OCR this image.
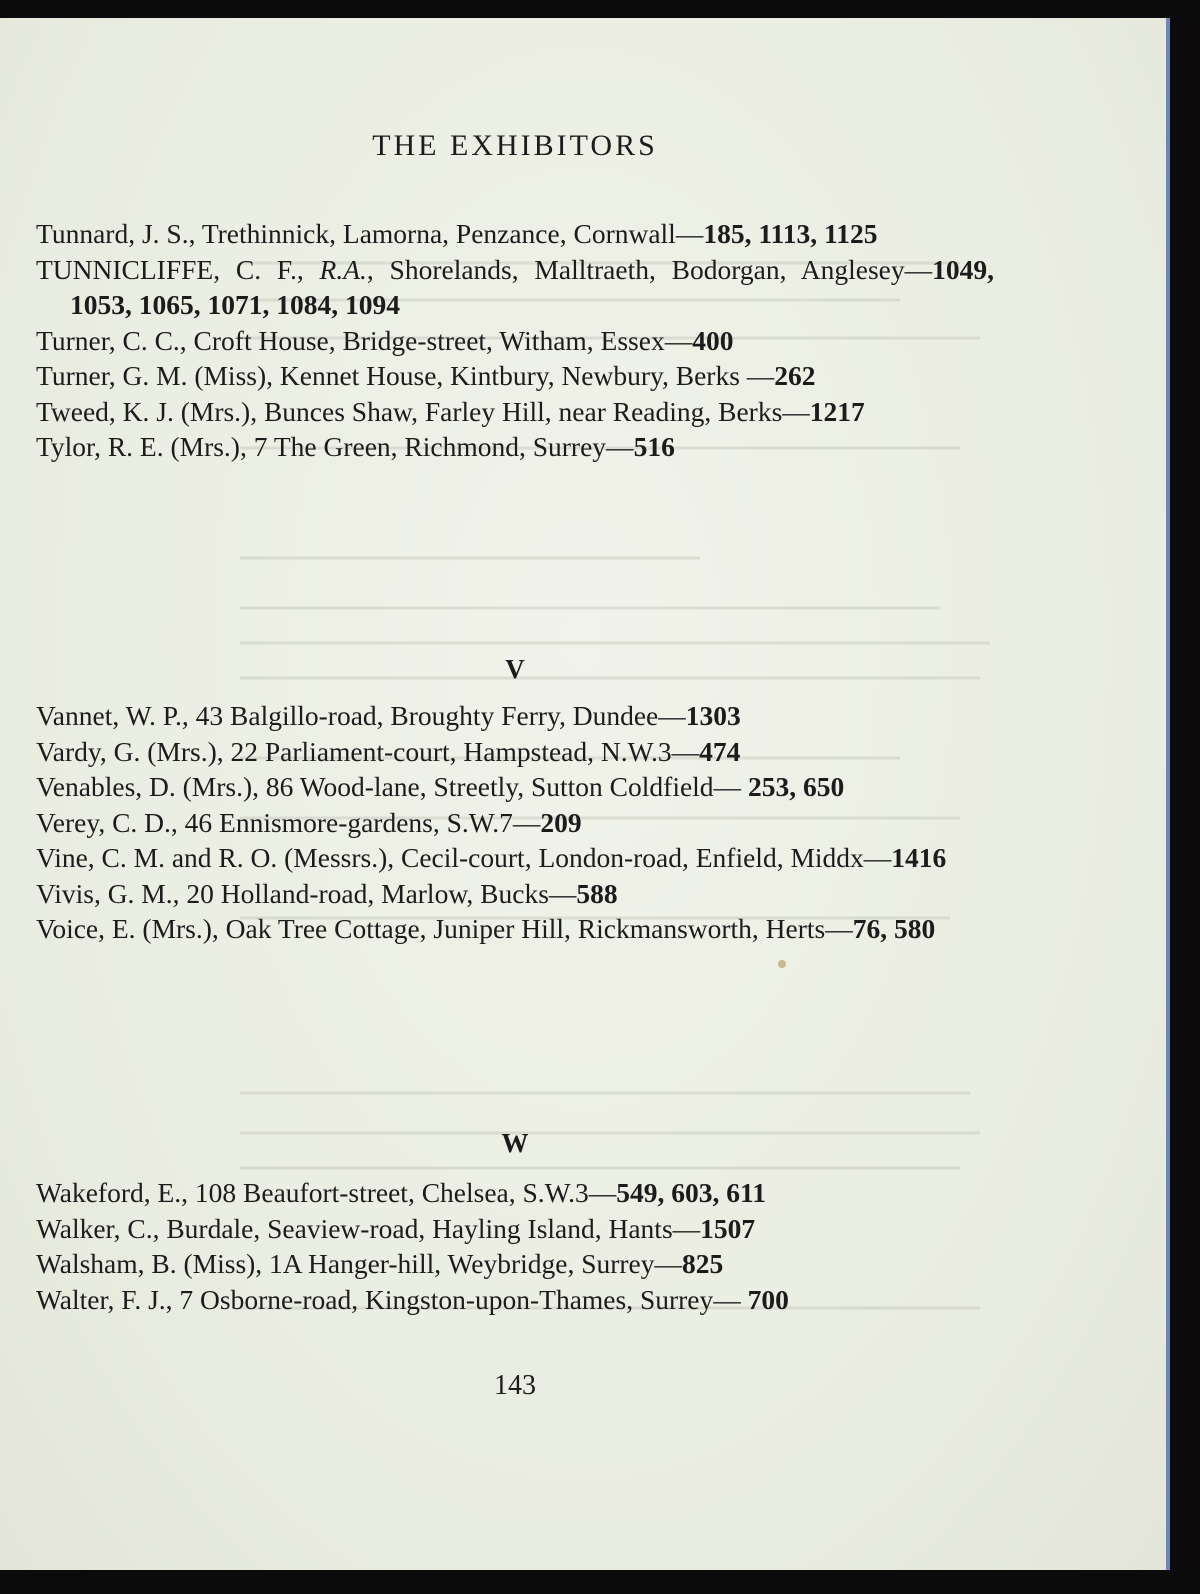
THE EXHIBITORS
Tunnard, J. S., Trethinnick, Lamorna, Penzance, Cornwall—185, 1113, 1125
TUNNICLIFFE, C. F., R.A., Shorelands, Malltraeth, Bodorgan, Anglesey—1049, 1053, 1065, 1071, 1084, 1094
Turner, C. C., Croft House, Bridge-street, Witham, Essex—400
Turner, G. M. (Miss), Kennet House, Kintbury, Newbury, Berks —262
Tweed, K. J. (Mrs.), Bunces Shaw, Farley Hill, near Reading, Berks—1217
Tylor, R. E. (Mrs.), 7 The Green, Richmond, Surrey—516
V
Vannet, W. P., 43 Balgillo-road, Broughty Ferry, Dundee—1303
Vardy, G. (Mrs.), 22 Parliament-court, Hampstead, N.W.3—474
Venables, D. (Mrs.), 86 Wood-lane, Streetly, Sutton Coldfield— 253, 650
Verey, C. D., 46 Ennismore-gardens, S.W.7—209
Vine, C. M. and R. O. (Messrs.), Cecil-court, London-road, Enfield, Middx—1416
Vivis, G. M., 20 Holland-road, Marlow, Bucks—588
Voice, E. (Mrs.), Oak Tree Cottage, Juniper Hill, Rickmansworth, Herts—76, 580
W
Wakeford, E., 108 Beaufort-street, Chelsea, S.W.3—549, 603, 611
Walker, C., Burdale, Seaview-road, Hayling Island, Hants—1507
Walsham, B. (Miss), 1A Hanger-hill, Weybridge, Surrey—825
Walter, F. J., 7 Osborne-road, Kingston-upon-Thames, Surrey— 700
143
